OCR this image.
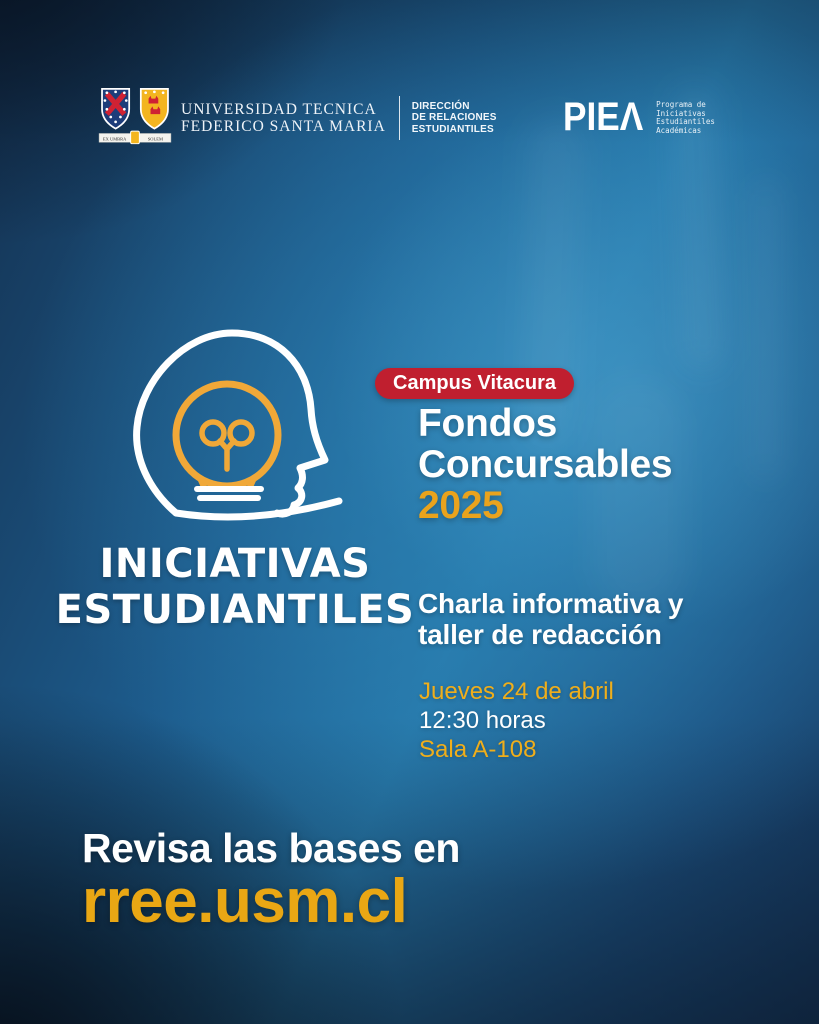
EX UMBRA	SOLEM
UNIVERSIDAD TECNICA
FEDERICO SANTA MARIA
DIRECCIÓN
DE RELACIONES
ESTUDIANTILES PIEΛ Programa de
Iniciativas
Estudiantiles
Académicas
INICIATIVAS
ESTUDIANTILES
Campus Vitacura
Fondos
Concursables
2025
Charla informativa y
taller de redacción
Jueves 24 de abril
12:30 horas
Sala A-108
Revisa las bases en
rree.usm.cl
